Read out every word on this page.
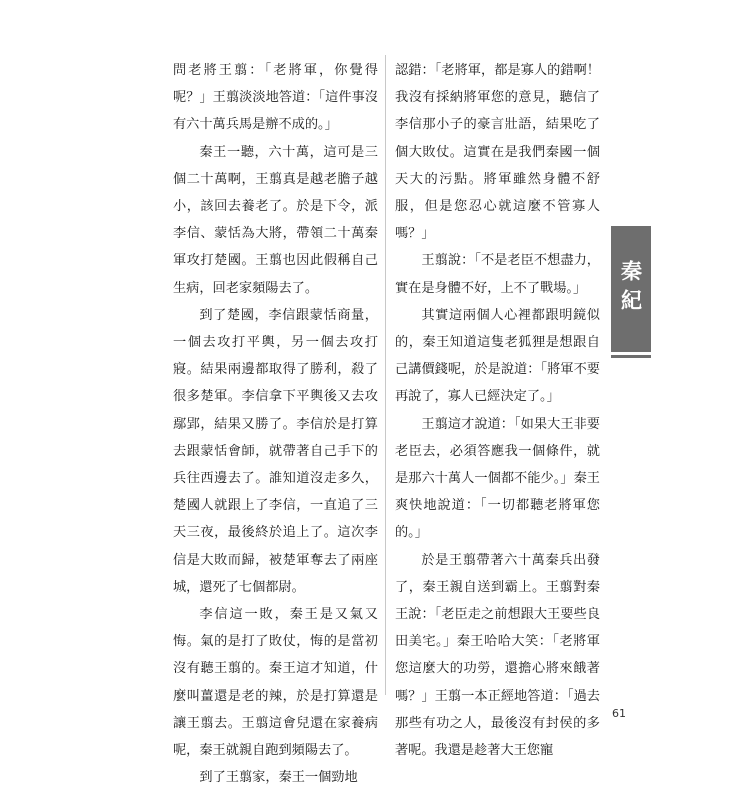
問老將王翦：「老將軍，你覺得呢？」王翦淡淡地答道：「這件事沒有六十萬兵馬是辦不成的。」

秦王一聽，六十萬，這可是三個二十萬啊，王翦真是越老膽子越小，該回去養老了。於是下令，派李信、蒙恬為大將，帶領二十萬秦軍攻打楚國。王翦也因此假稱自己生病，回老家頻陽去了。

到了楚國，李信跟蒙恬商量，一個去攻打平輿，另一個去攻打寢。結果兩邊都取得了勝利，殺了很多楚軍。李信拿下平輿後又去攻鄢郢，結果又勝了。李信於是打算去跟蒙恬會師，就帶著自己手下的兵往西邊去了。誰知道沒走多久，楚國人就跟上了李信，一直追了三天三夜，最後終於追上了。這次李信是大敗而歸，被楚軍奪去了兩座城，還死了七個都尉。

李信這一敗，秦王是又氣又悔。氣的是打了敗仗，悔的是當初沒有聽王翦的。秦王這才知道，什麼叫薑還是老的辣，於是打算還是讓王翦去。王翦這會兒還在家養病呢，秦王就親自跑到頻陽去了。

到了王翦家，秦王一個勁地

認錯：「老將軍，都是寡人的錯啊！我沒有採納將軍您的意見，聽信了李信那小子的豪言壯語，結果吃了個大敗仗。這實在是我們秦國一個天大的污點。將軍雖然身體不舒服，但是您忍心就這麼不管寡人嗎？」

王翦說：「不是老臣不想盡力，實在是身體不好，上不了戰場。」

其實這兩個人心裡都跟明鏡似的，秦王知道這隻老狐狸是想跟自己講價錢呢，於是說道：「將軍不要再說了，寡人已經決定了。」

王翦這才說道：「如果大王非要老臣去，必須答應我一個條件，就是那六十萬人一個都不能少。」秦王爽快地說道：「一切都聽老將軍您的。」

於是王翦帶著六十萬秦兵出發了，秦王親自送到霸上。王翦對秦王說：「老臣走之前想跟大王要些良田美宅。」秦王哈哈大笑：「老將軍您這麼大的功勞，還擔心將來餓著嗎？」王翦一本正經地答道：「過去那些有功之人，最後沒有封侯的多著呢。我還是趁著大王您寵

秦紀
61
